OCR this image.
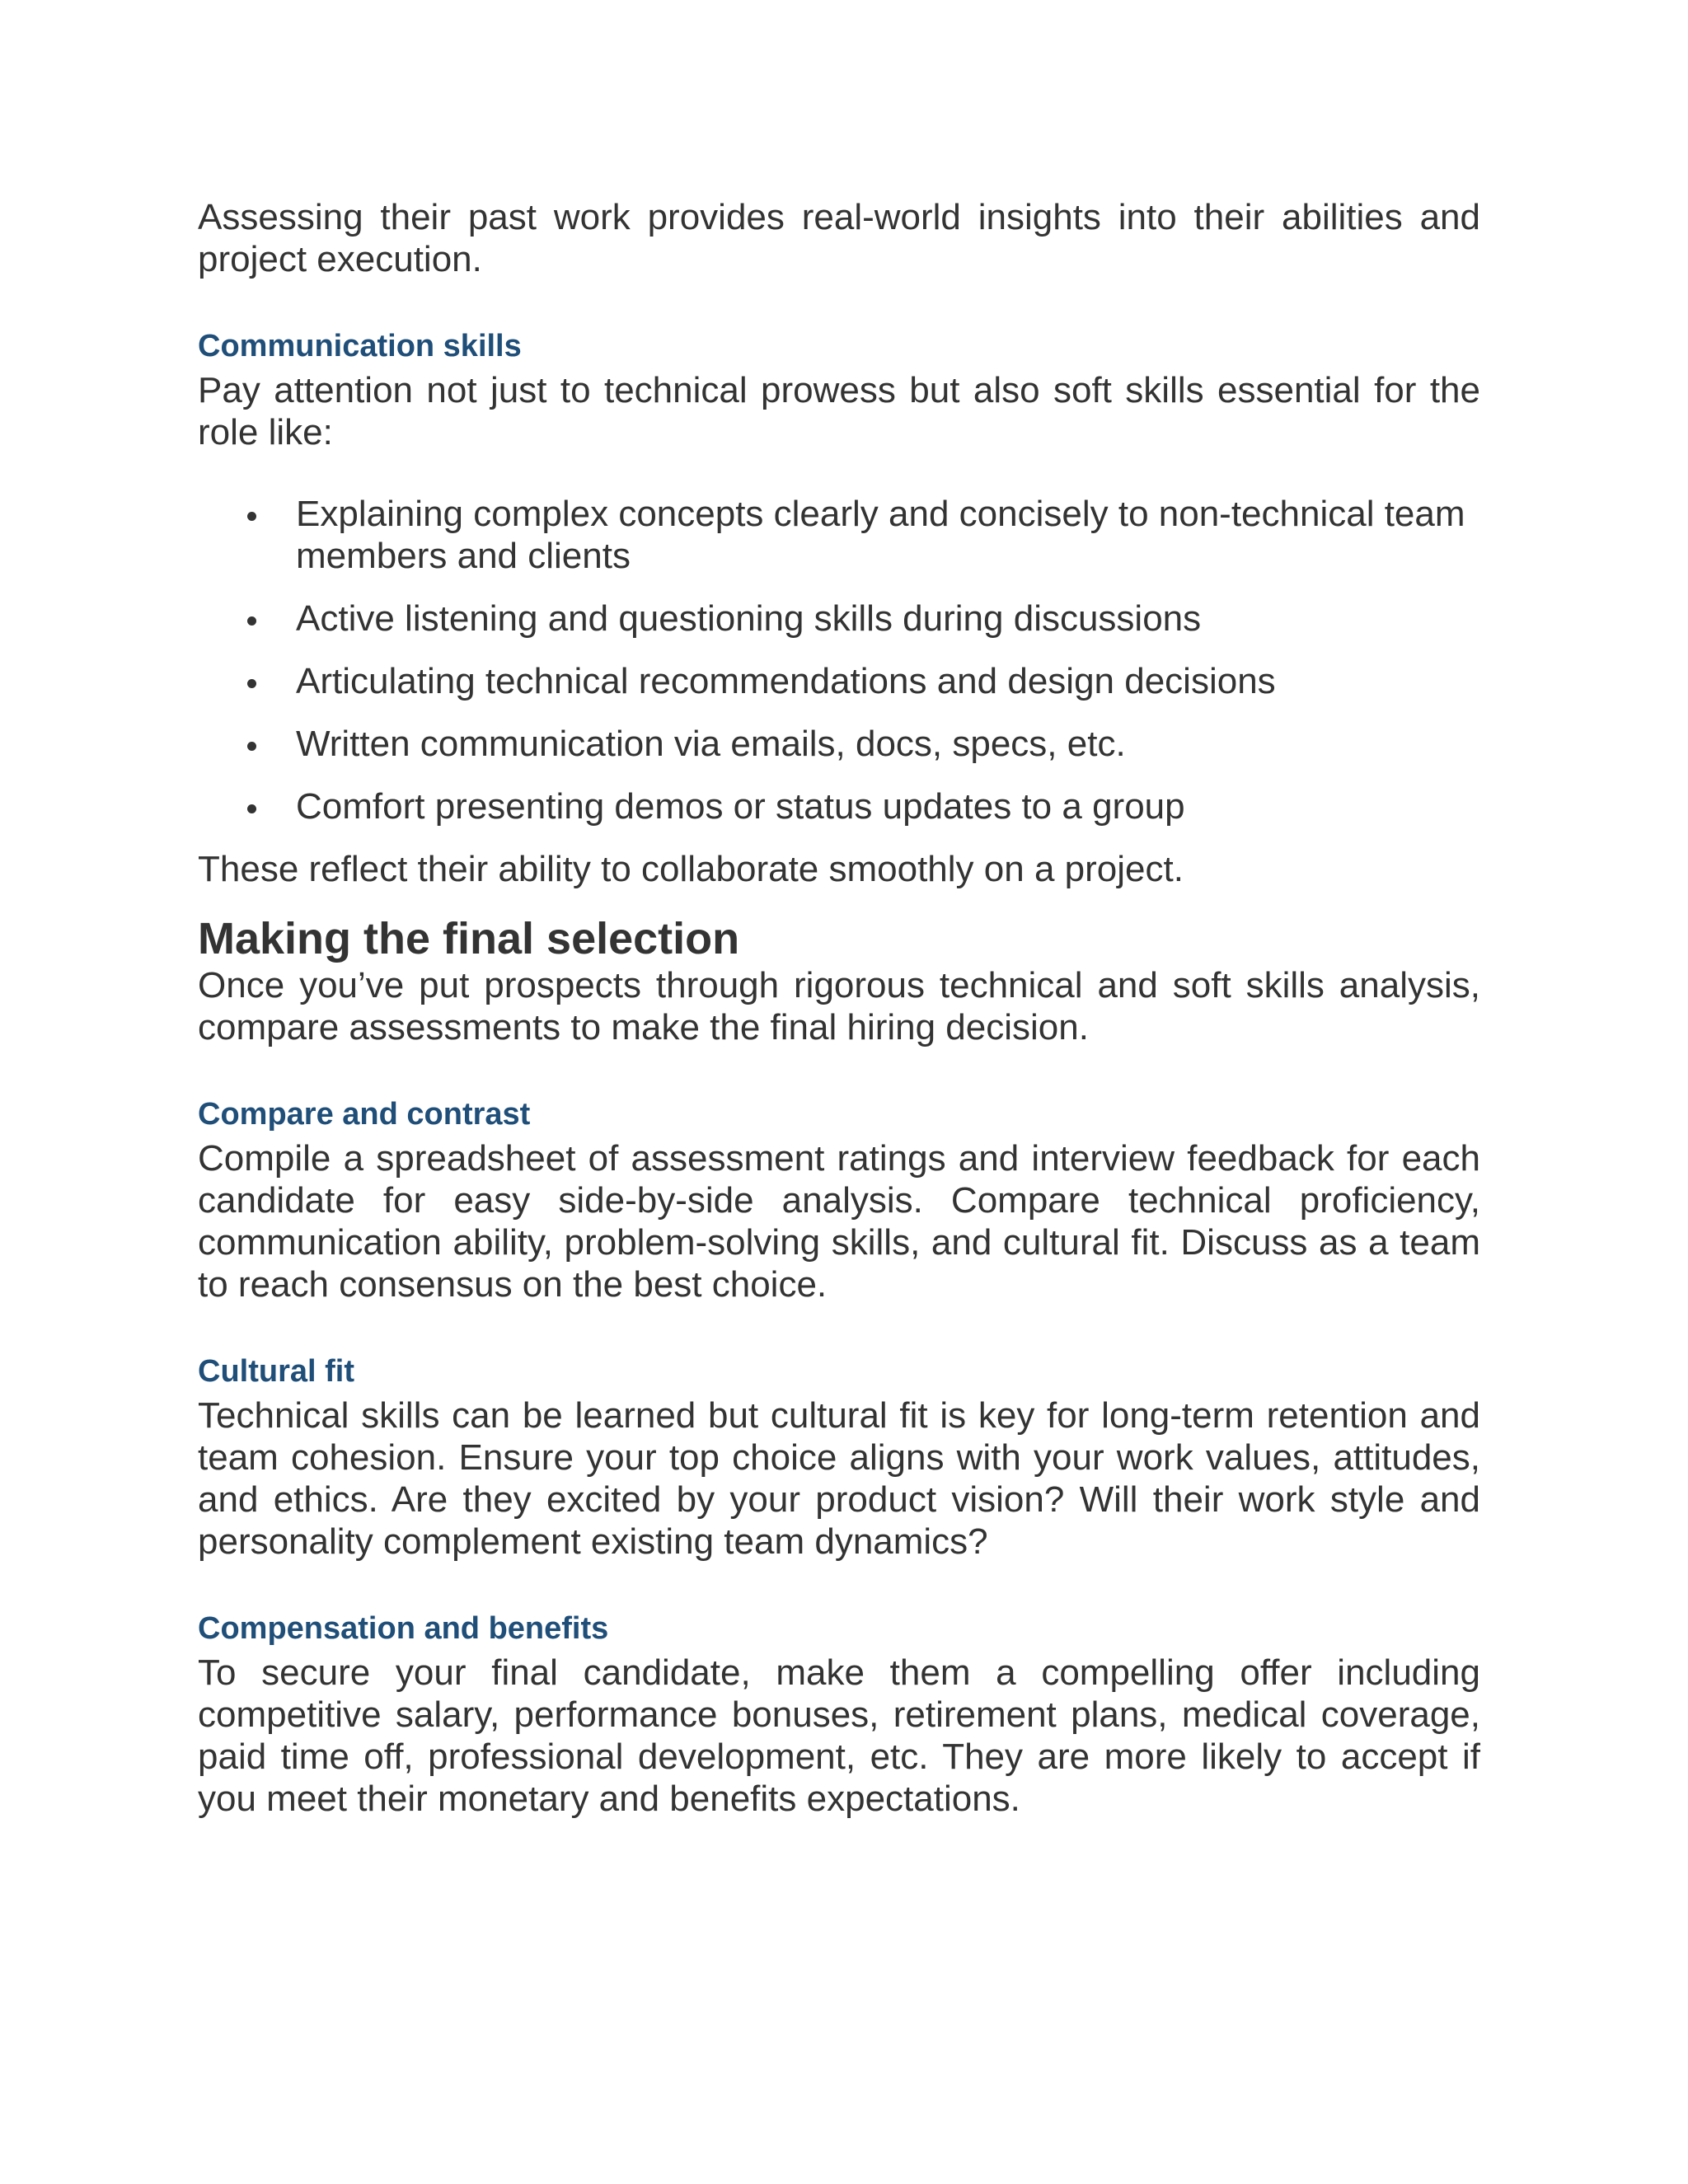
Assessing their past work provides real-world insights into their abilities and project execution.

Communication skills

Pay attention not just to technical prowess but also soft skills essential for the role like:

Explaining complex concepts clearly and concisely to non-technical team members and clients
Active listening and questioning skills during discussions
Articulating technical recommendations and design decisions
Written communication via emails, docs, specs, etc.
Comfort presenting demos or status updates to a group

These reflect their ability to collaborate smoothly on a project.

Making the final selection

Once you’ve put prospects through rigorous technical and soft skills analysis, compare assessments to make the final hiring decision.

Compare and contrast

Compile a spreadsheet of assessment ratings and interview feedback for each candidate for easy side-by-side analysis. Compare technical proficiency, communication ability, problem-solving skills, and cultural fit. Discuss as a team to reach consensus on the best choice.

Cultural fit

Technical skills can be learned but cultural fit is key for long-term retention and team cohesion. Ensure your top choice aligns with your work values, attitudes, and ethics. Are they excited by your product vision? Will their work style and personality complement existing team dynamics?

Compensation and benefits

To secure your final candidate, make them a compelling offer including competitive salary, performance bonuses, retirement plans, medical coverage, paid time off, professional development, etc. They are more likely to accept if you meet their monetary and benefits expectations.
